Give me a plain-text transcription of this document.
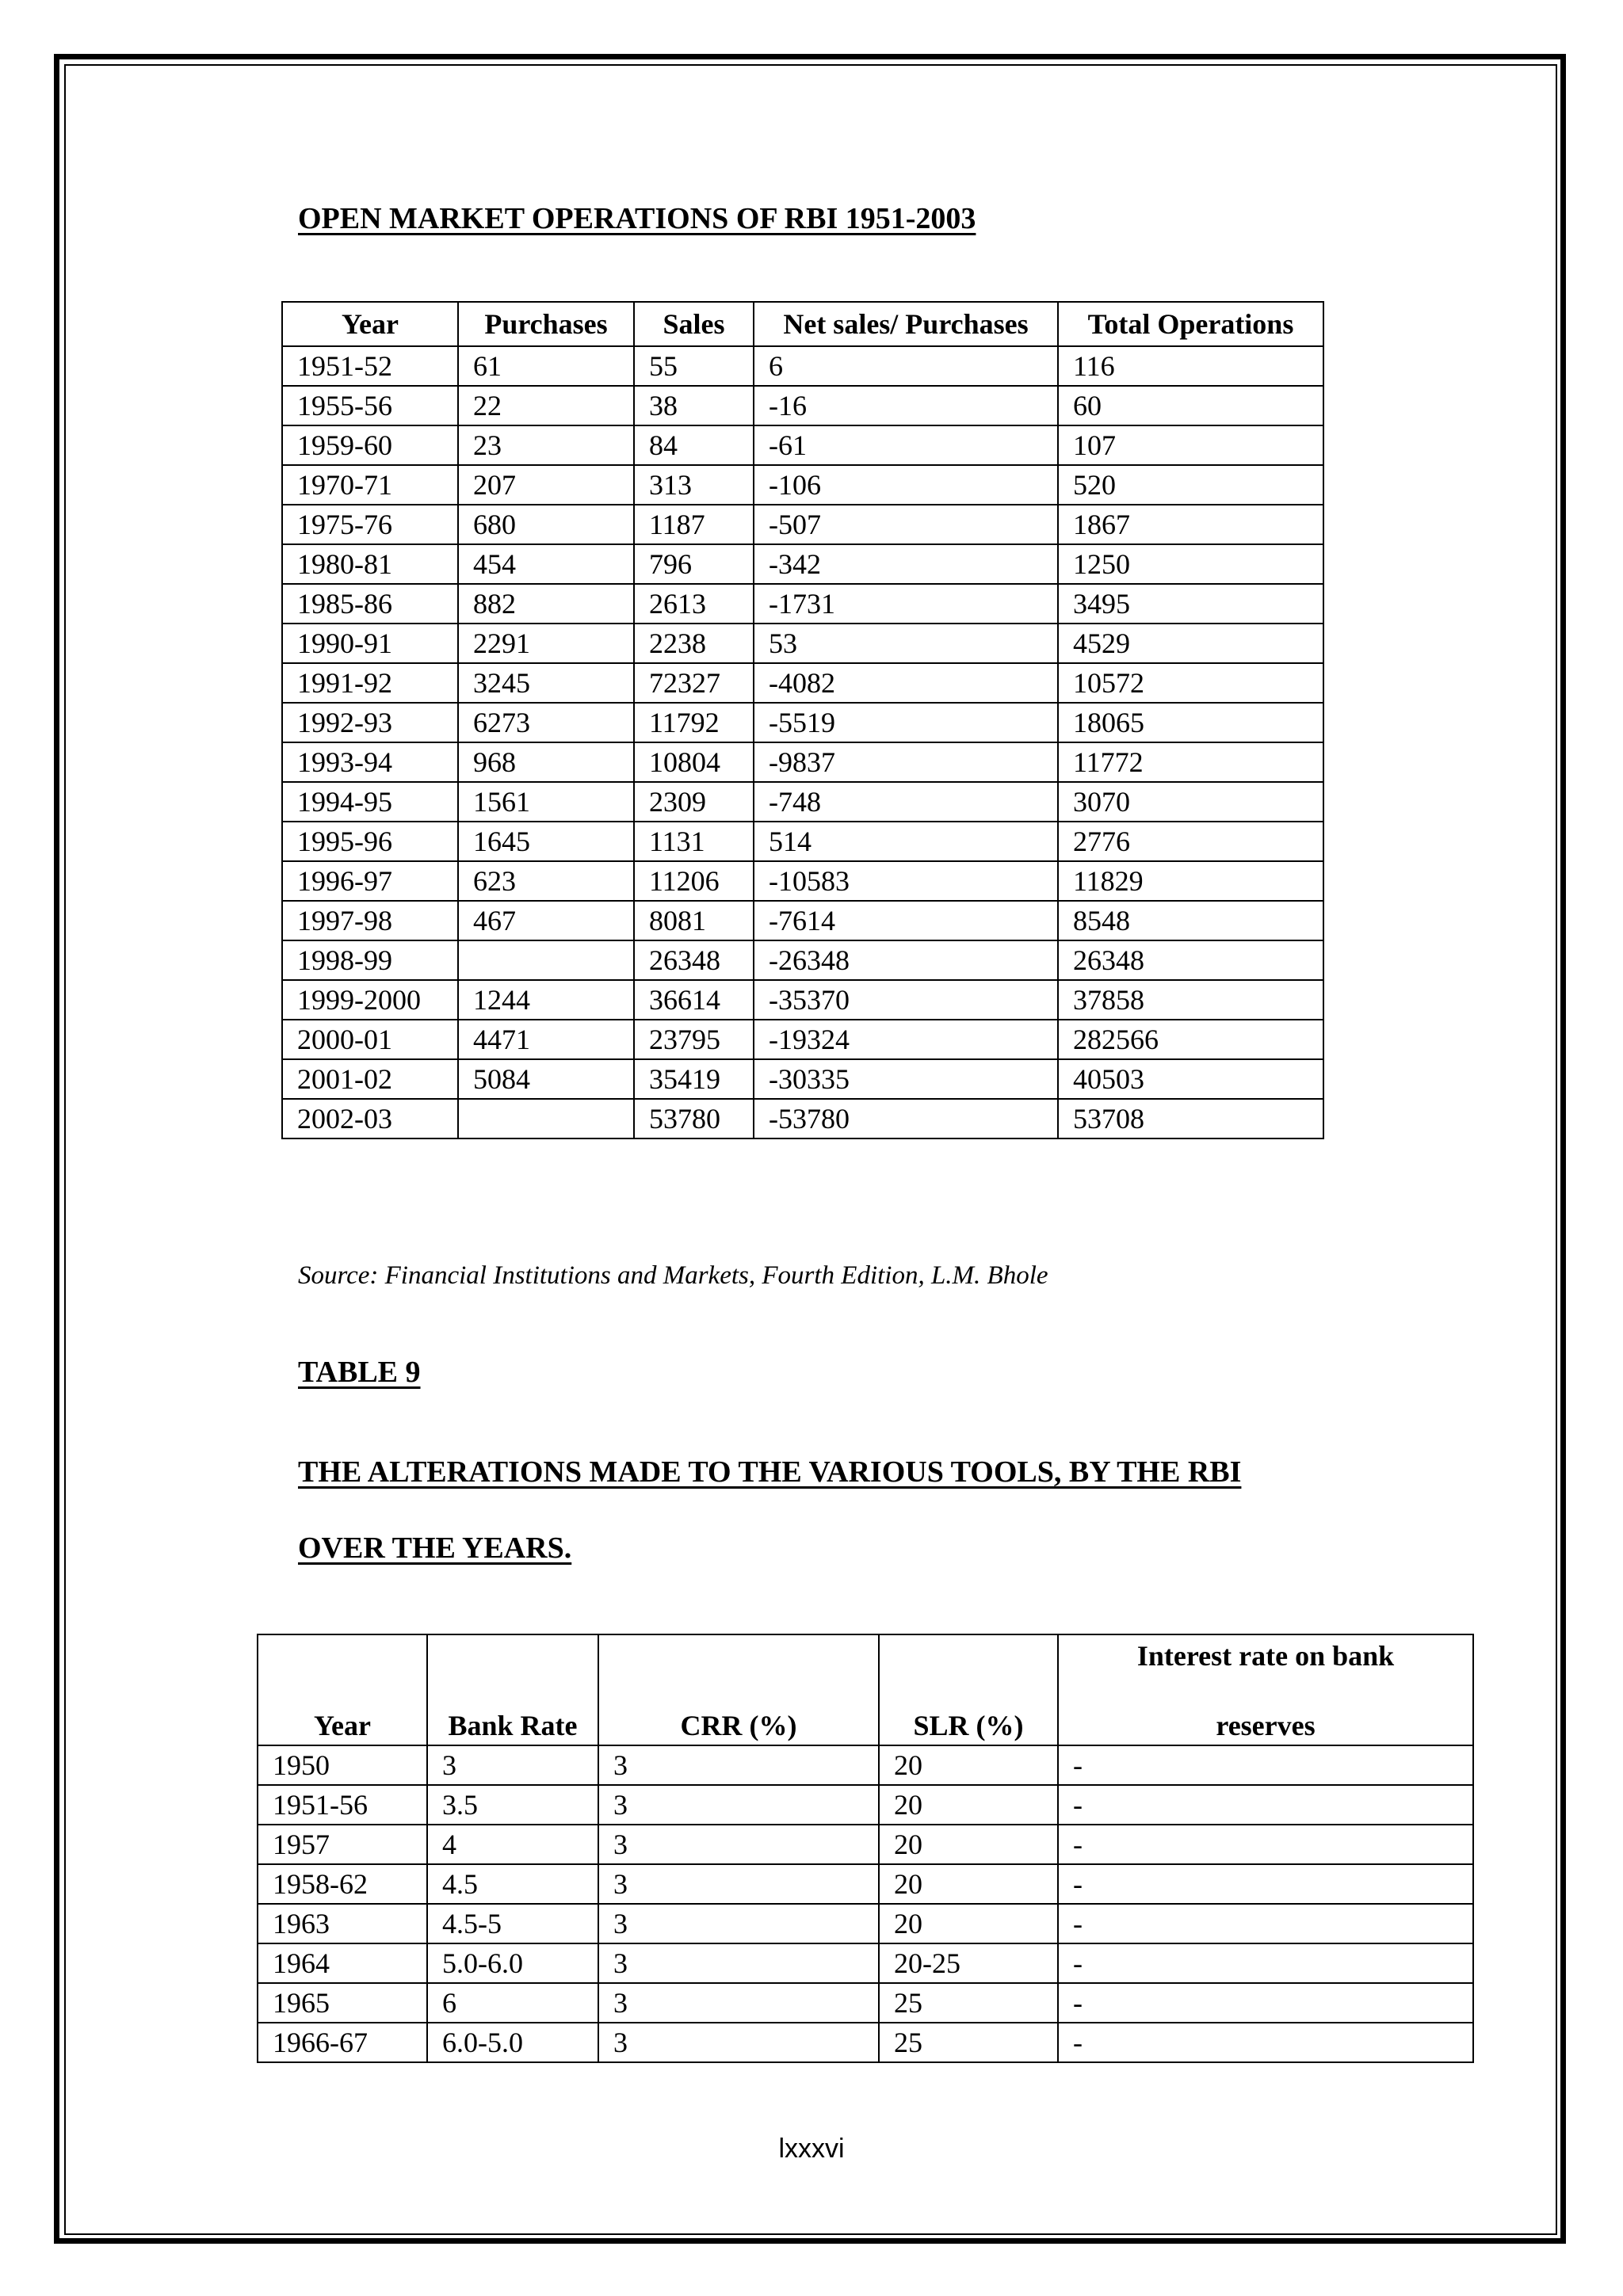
OPEN MARKET OPERATIONS OF RBI 1951-2003
Year	Purchases	Sales	Net sales/ Purchases	Total Operations
1951-52	61	55	6	116
1955-56	22	38	-16	60
1959-60	23	84	-61	107
1970-71	207	313	-106	520
1975-76	680	1187	-507	1867
1980-81	454	796	-342	1250
1985-86	882	2613	-1731	3495
1990-91	2291	2238	53	4529
1991-92	3245	72327	-4082	10572
1992-93	6273	11792	-5519	18065
1993-94	968	10804	-9837	11772
1994-95	1561	2309	-748	3070
1995-96	1645	1131	514	2776
1996-97	623	11206	-10583	11829
1997-98	467	8081	-7614	8548
1998-99		26348	-26348	26348
1999-2000	1244	36614	-35370	37858
2000-01	4471	23795	-19324	282566
2001-02	5084	35419	-30335	40503
2002-03		53780	-53780	53708

Source: Financial Institutions and Markets, Fourth Edition, L.M. Bhole

TABLE 9
THE ALTERATIONS MADE TO THE VARIOUS TOOLS, BY THE RBI
OVER THE YEARS.
Year	Bank Rate	CRR (%)	SLR (%)	Interest rate on bank
reserves

1950	3	3	20	-
1951-56	3.5	3	20	-
1957	4	3	20	-
1958-62	4.5	3	20	-
1963	4.5-5	3	20	-
1964	5.0-6.0	3	20-25	-
1965	6	3	25	-
1966-67	6.0-5.0	3	25	-

lxxxvi
